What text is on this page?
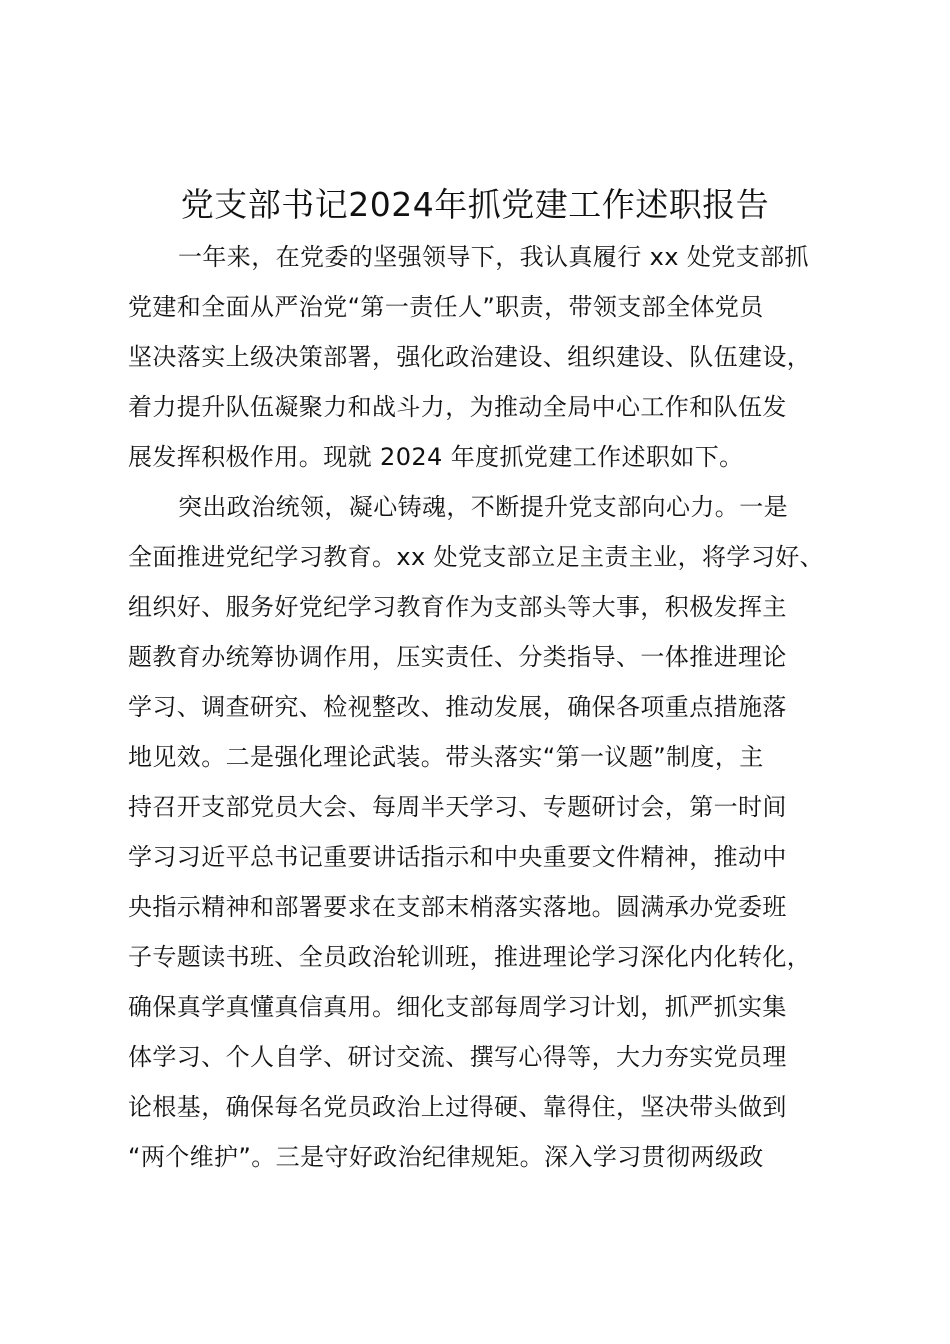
党支部书记2024年抓党建工作述职报告
一年来，在党委的坚强领导下，我认真履行 xx 处党支部抓
党建和全面从严治党“第一责任人”职责，带领支部全体党员
坚决落实上级决策部署，强化政治建设、组织建设、队伍建设，
着力提升队伍凝聚力和战斗力，为推动全局中心工作和队伍发
展发挥积极作用。现就 2024 年度抓党建工作述职如下。
突出政治统领，凝心铸魂，不断提升党支部向心力。一是
全面推进党纪学习教育。xx 处党支部立足主责主业，将学习好、
组织好、服务好党纪学习教育作为支部头等大事，积极发挥主
题教育办统筹协调作用，压实责任、分类指导、一体推进理论
学习、调查研究、检视整改、推动发展，确保各项重点措施落
地见效。二是强化理论武装。带头落实“第一议题”制度，主
持召开支部党员大会、每周半天学习、专题研讨会，第一时间
学习习近平总书记重要讲话指示和中央重要文件精神，推动中
央指示精神和部署要求在支部末梢落实落地。圆满承办党委班
子专题读书班、全员政治轮训班，推进理论学习深化内化转化，
确保真学真懂真信真用。细化支部每周学习计划，抓严抓实集
体学习、个人自学、研讨交流、撰写心得等，大力夯实党员理
论根基，确保每名党员政治上过得硬、靠得住，坚决带头做到
“两个维护”。三是守好政治纪律规矩。深入学习贯彻两级政
